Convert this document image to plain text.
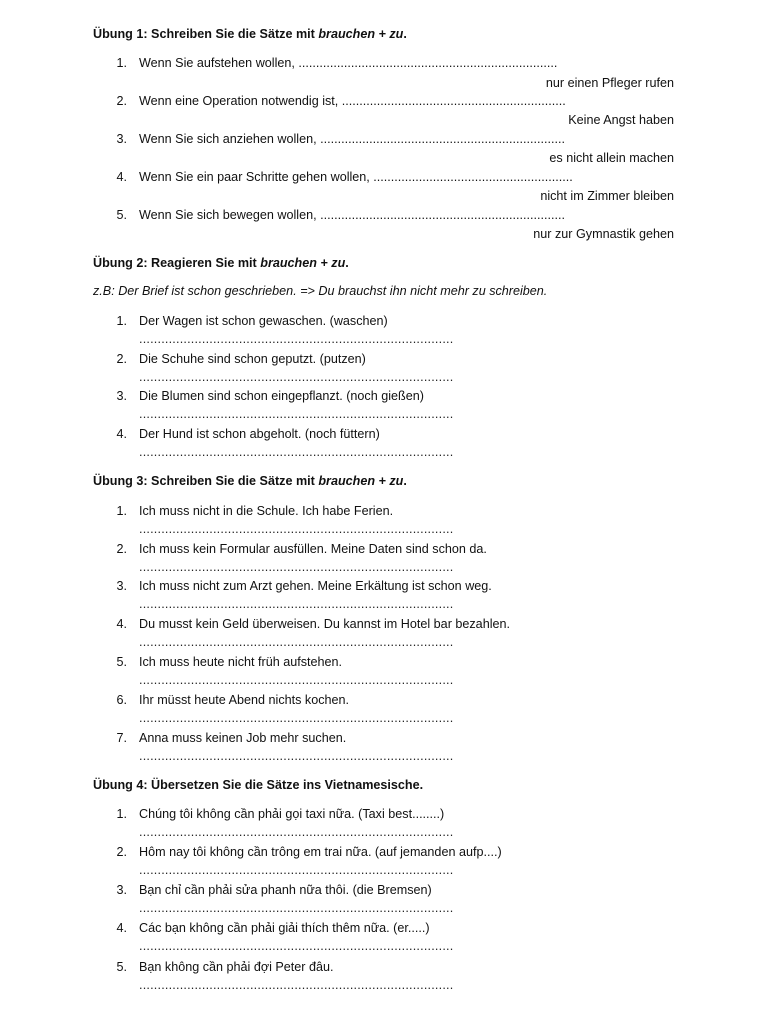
Übung 1: Schreiben Sie die Sätze mit brauchen + zu.
1. Wenn Sie aufstehen wollen, ..........................................................................
nur einen Pfleger rufen
2. Wenn eine Operation notwendig ist, ................................................................
Keine Angst haben
3. Wenn Sie sich anziehen wollen, ......................................................................
es nicht allein machen
4. Wenn Sie ein paar Schritte gehen wollen, .........................................................
nicht im Zimmer bleiben
5. Wenn Sie sich bewegen wollen, ......................................................................
nur zur Gymnastik gehen
Übung 2: Reagieren Sie mit brauchen + zu.
z.B: Der Brief ist schon geschrieben. => Du brauchst ihn nicht mehr zu schreiben.
1. Der Wagen ist schon gewaschen. (waschen)
.....................................................................................
2. Die Schuhe sind schon geputzt. (putzen)
.....................................................................................
3. Die Blumen sind schon eingepflanzt. (noch gießen)
.....................................................................................
4. Der Hund ist schon abgeholt. (noch füttern)
.....................................................................................
Übung 3: Schreiben Sie die Sätze mit brauchen + zu.
1. Ich muss nicht in die Schule. Ich habe Ferien.
.....................................................................................
2. Ich muss kein Formular ausfüllen. Meine Daten sind schon da.
.....................................................................................
3. Ich muss nicht zum Arzt gehen. Meine Erkältung ist schon weg.
.....................................................................................
4. Du musst kein Geld überweisen. Du kannst im Hotel bar bezahlen.
.....................................................................................
5. Ich muss heute nicht früh aufstehen.
.....................................................................................
6. Ihr müsst heute Abend nichts kochen.
.....................................................................................
7. Anna muss keinen Job mehr suchen.
.....................................................................................
Übung 4: Übersetzen Sie die Sätze ins Vietnamesische.
1. Chúng tôi không cần phải gọi taxi nữa. (Taxi best........)
.....................................................................................
2. Hôm nay tôi không cần trông em trai nữa. (auf jemanden aufp....)
.....................................................................................
3. Bạn chỉ cần phải sửa phanh nữa thôi. (die Bremsen)
.....................................................................................
4. Các bạn không cần phải giải thích thêm nữa. (er.....)
.....................................................................................
5. Bạn không cần phải đợi Peter đâu.
.....................................................................................
